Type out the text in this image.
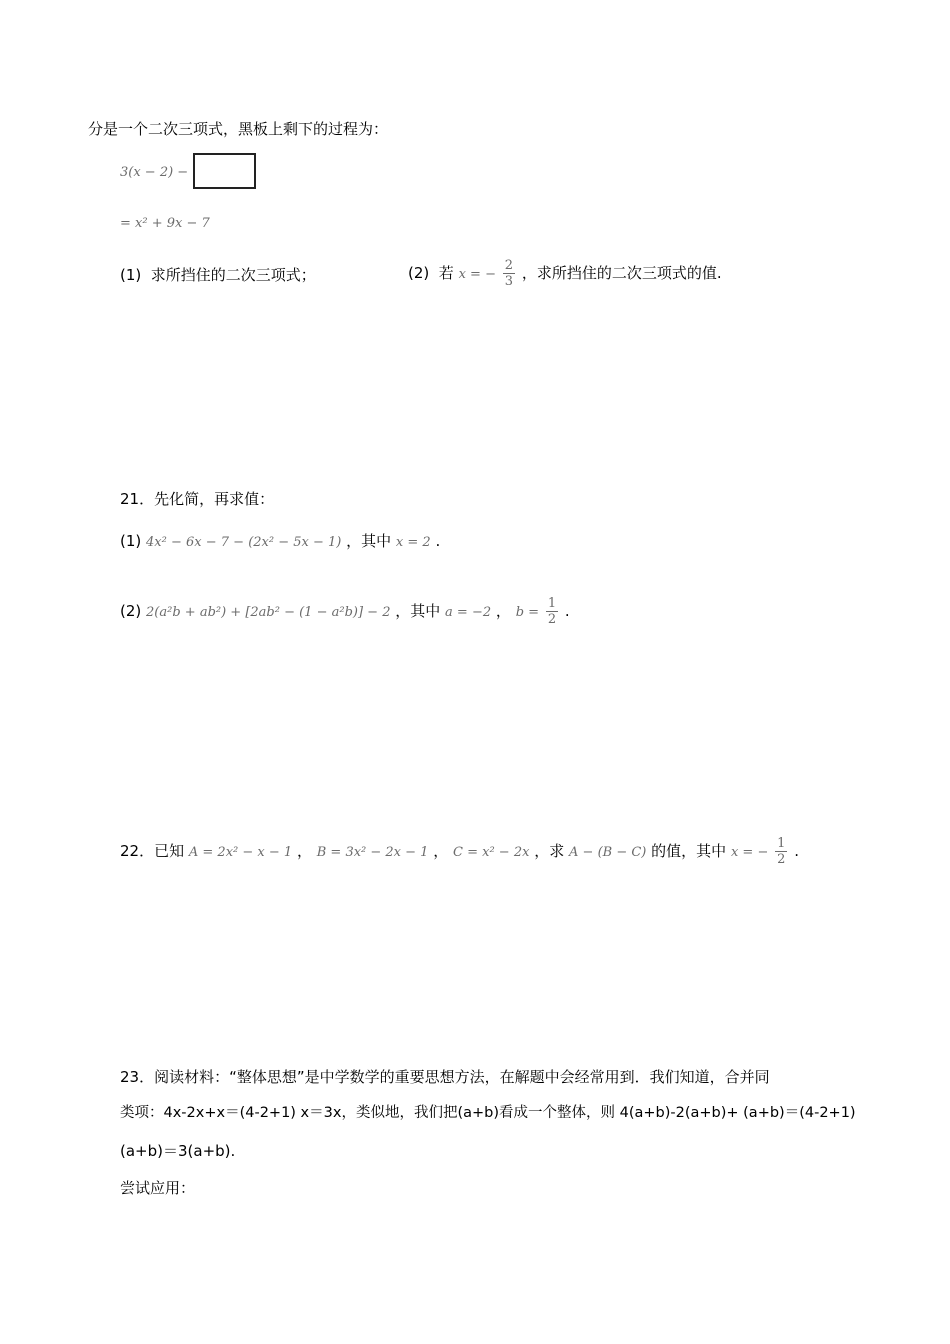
分是一个二次三项式，黑板上剩下的过程为：
3(x − 2) −
= x² + 9x − 7
(1) 求所挡住的二次三项式；	(2) 若 x = − $\frac{2}{3}$ ，求所挡住的二次三项式的值.
21．先化简，再求值：
(1) 4x² − 6x − 7 − (2x² − 5x − 1) ，其中 x = 2 .
(2) 2(a²b + ab²) + [2ab² − (1 − a²b)] − 2 ，其中 a = −2 ， $b = \frac{1}{2}$ .
22．已知 A = 2x² − x − 1 ， B = 3x² − 2x − 1 ， C = x² − 2x ，求 A − (B − C) 的值，其中 x = − $\frac{1}{2}$ .
23．阅读材料：“整体思想”是中学数学的重要思想方法，在解题中会经常用到．我们知道，合并同
类项：4x-2x+x＝(4-2+1) x＝3x，类似地，我们把(a+b)看成一个整体，则 4(a+b)-2(a+b)+ (a+b)＝(4-2+1)
(a+b)＝3(a+b).
尝试应用：
